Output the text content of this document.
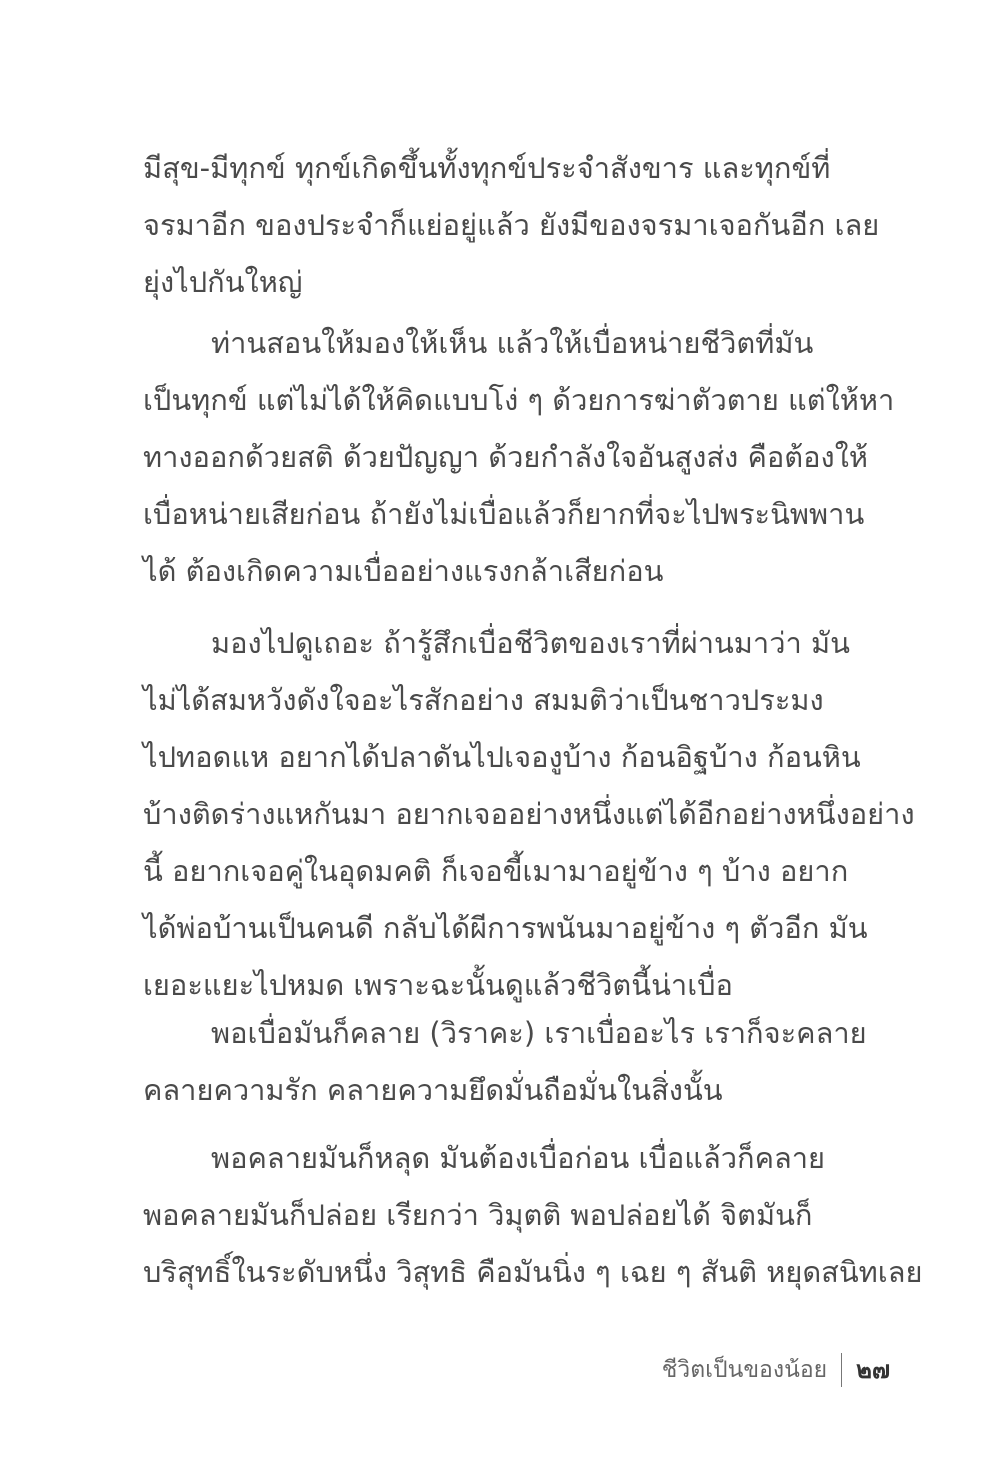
มีสุข-มีทุกข์ ทุกข์เกิดขึ้นทั้งทุกข์ประจำสังขาร และทุกข์ที่
จรมาอีก ของประจำก็แย่อยู่แล้ว ยังมีของจรมาเจอกันอีก เลย
ยุ่งไปกันใหญ่

ท่านสอนให้มองให้เห็น แล้วให้เบื่อหน่ายชีวิตที่มัน
เป็นทุกข์ แต่ไม่ได้ให้คิดแบบโง่ ๆ ด้วยการฆ่าตัวตาย แต่ให้หา
ทางออกด้วยสติ ด้วยปัญญา ด้วยกำลังใจอันสูงส่ง คือต้องให้
เบื่อหน่ายเสียก่อน ถ้ายังไม่เบื่อแล้วก็ยากที่จะไปพระนิพพาน
ได้ ต้องเกิดความเบื่ออย่างแรงกล้าเสียก่อน

มองไปดูเถอะ ถ้ารู้สึกเบื่อชีวิตของเราที่ผ่านมาว่า มัน
ไม่ได้สมหวังดังใจอะไรสักอย่าง สมมติว่าเป็นชาวประมง
ไปทอดแห อยากได้ปลาดันไปเจองูบ้าง ก้อนอิฐบ้าง ก้อนหิน
บ้างติดร่างแหกันมา อยากเจออย่างหนึ่งแต่ได้อีกอย่างหนึ่งอย่าง
นี้ อยากเจอคู่ในอุดมคติ ก็เจอขี้เมามาอยู่ข้าง ๆ บ้าง อยาก
ได้พ่อบ้านเป็นคนดี กลับได้ผีการพนันมาอยู่ข้าง ๆ ตัวอีก มัน
เยอะแยะไปหมด เพราะฉะนั้นดูแล้วชีวิตนี้น่าเบื่อ

พอเบื่อมันก็คลาย (วิราคะ) เราเบื่ออะไร เราก็จะคลาย
คลายความรัก คลายความยึดมั่นถือมั่นในสิ่งนั้น

พอคลายมันก็หลุด มันต้องเบื่อก่อน เบื่อแล้วก็คลาย
พอคลายมันก็ปล่อย เรียกว่า วิมุตติ พอปล่อยได้ จิตมันก็
บริสุทธิ์ในระดับหนึ่ง วิสุทธิ คือมันนิ่ง ๆ เฉย ๆ สันติ หยุดสนิทเลย

ชีวิตเป็นของน้อย ๒๗
